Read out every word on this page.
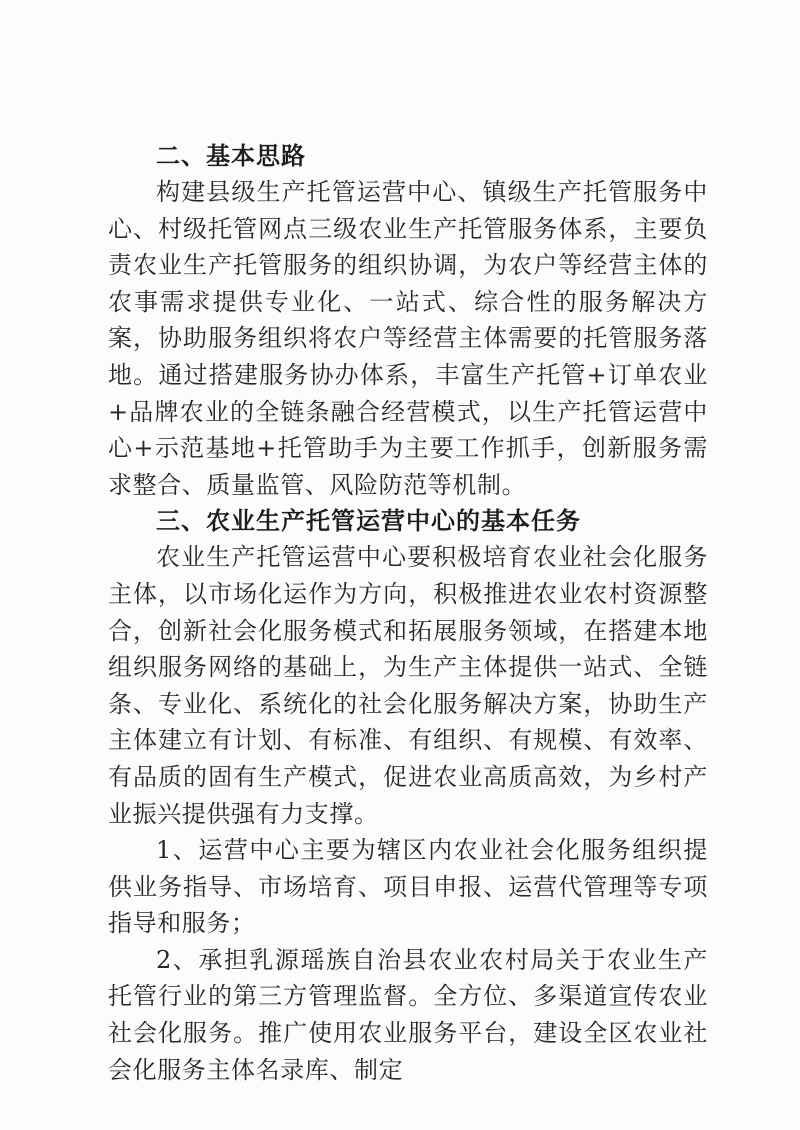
二、基本思路

构建县级生产托管运营中心、镇级生产托管服务中心、村级托管网点三级农业生产托管服务体系，主要负责农业生产托管服务的组织协调，为农户等经营主体的农事需求提供专业化、一站式、综合性的服务解决方案，协助服务组织将农户等经营主体需要的托管服务落地。通过搭建服务协办体系，丰富生产托管+订单农业+品牌农业的全链条融合经营模式，以生产托管运营中心+示范基地+托管助手为主要工作抓手，创新服务需求整合、质量监管、风险防范等机制。

三、农业生产托管运营中心的基本任务

农业生产托管运营中心要积极培育农业社会化服务主体，以市场化运作为方向，积极推进农业农村资源整合，创新社会化服务模式和拓展服务领域，在搭建本地组织服务网络的基础上，为生产主体提供一站式、全链条、专业化、系统化的社会化服务解决方案，协助生产主体建立有计划、有标准、有组织、有规模、有效率、有品质的固有生产模式，促进农业高质高效，为乡村产业振兴提供强有力支撑。

1、运营中心主要为辖区内农业社会化服务组织提供业务指导、市场培育、项目申报、运营代管理等专项指导和服务；

2、承担乳源瑶族自治县农业农村局关于农业生产托管行业的第三方管理监督。全方位、多渠道宣传农业社会化服务。推广使用农业服务平台，建设全区农业社会化服务主体名录库、制定
